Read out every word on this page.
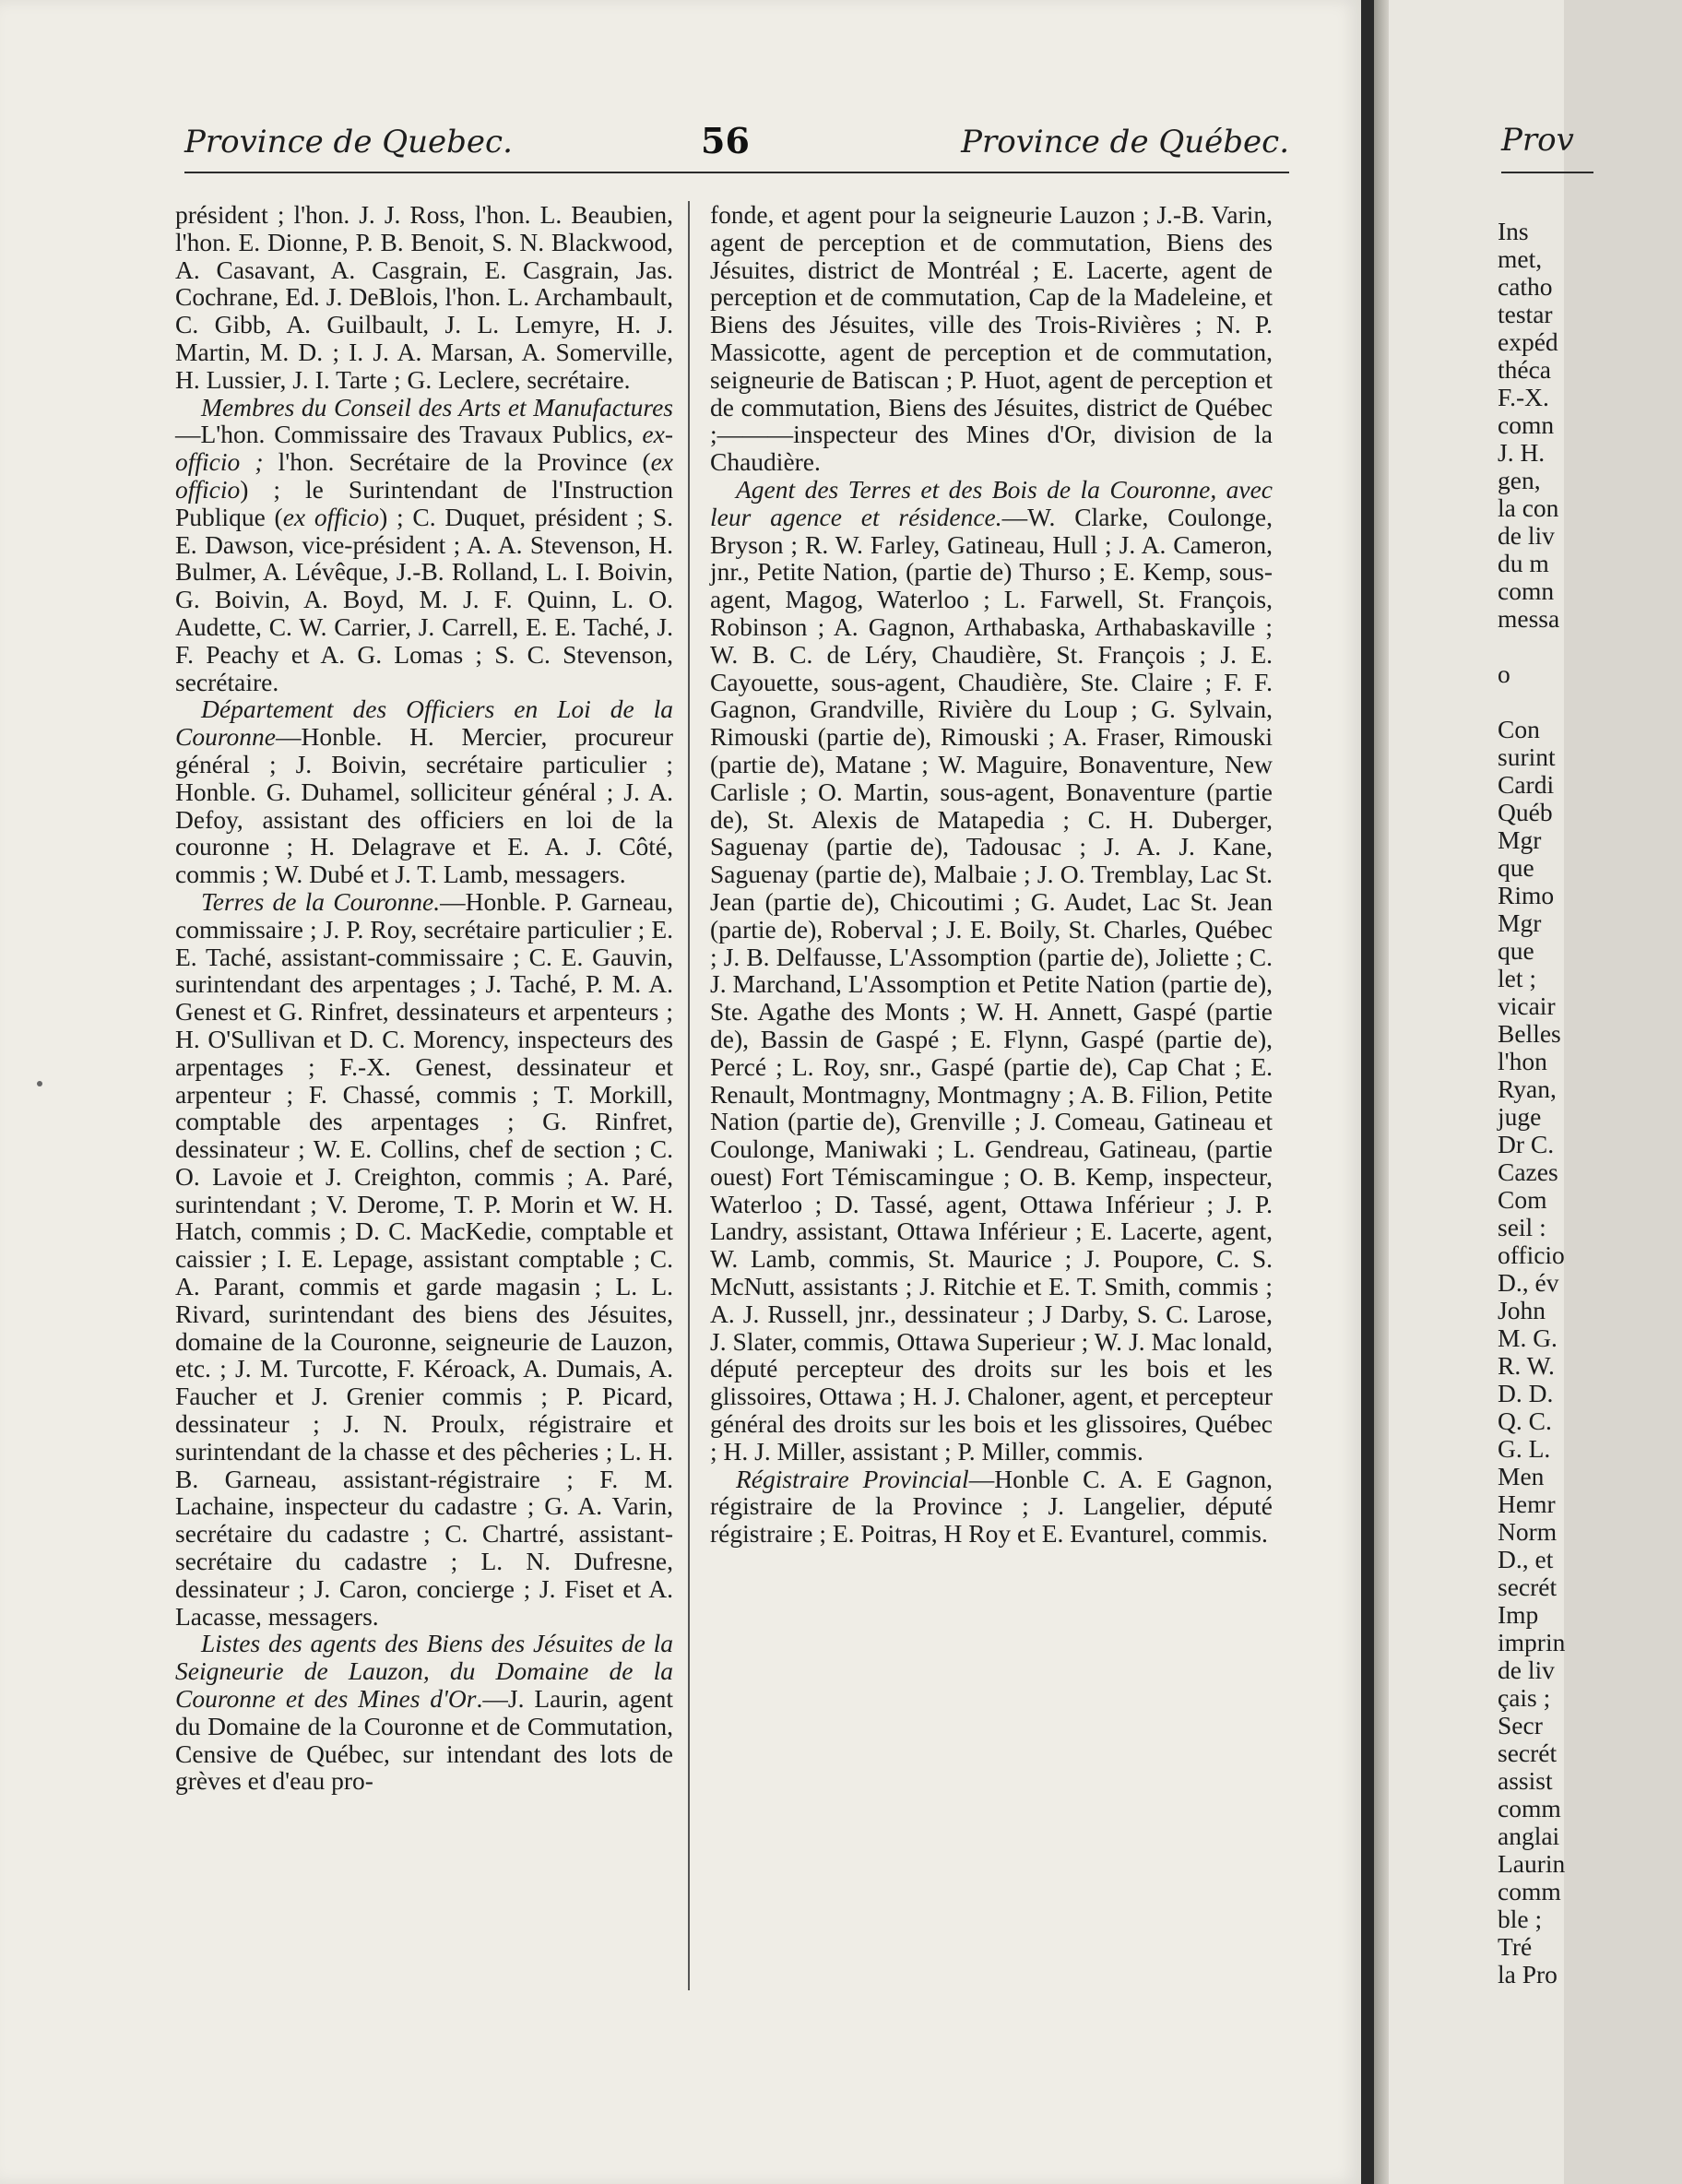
Province de Quebec.	56	Province de Québec.

président ; l'hon. J. J. Ross, l'hon. L. Beaubien, l'hon. E. Dionne, P. B. Benoit, S. N. Blackwood, A. Casavant, A. Casgrain, E. Casgrain, Jas. Cochrane, Ed. J. DeBlois, l'hon. L. Archambault, C. Gibb, A. Guilbault, J. L. Lemyre, H. J. Martin, M. D. ; I. J. A. Marsan, A. Somerville, H. Lussier, J. I. Tarte ; G. Leclere, secrétaire.

Membres du Conseil des Arts et Manufactures—L'hon. Commissaire des Travaux Publics, ex-officio ; l'hon. Secrétaire de la Province (ex officio) ; le Surintendant de l'Instruction Publique (ex officio) ; C. Duquet, président ; S. E. Dawson, vice-président ; A. A. Stevenson, H. Bulmer, A. Lévêque, J.-B. Rolland, L. I. Boivin, G. Boivin, A. Boyd, M. J. F. Quinn, L. O. Audette, C. W. Carrier, J. Carrell, E. E. Taché, J. F. Peachy et A. G. Lomas ; S. C. Stevenson, secrétaire.

Département des Officiers en Loi de la Couronne—Honble. H. Mercier, procureur général ; J. Boivin, secrétaire particulier ; Honble. G. Duhamel, solliciteur général ; J. A. Defoy, assistant des officiers en loi de la couronne ; H. Delagrave et E. A. J. Côté, commis ; W. Dubé et J. T. Lamb, messagers.

Terres de la Couronne.—Honble. P. Garneau, commissaire ; J. P. Roy, secrétaire particulier ; E. E. Taché, assistant-commissaire ; C. E. Gauvin, surintendant des arpentages ; J. Taché, P. M. A. Genest et G. Rinfret, dessinateurs et arpenteurs ; H. O'Sullivan et D. C. Morency, inspecteurs des arpentages ; F.-X. Genest, dessinateur et arpenteur ; F. Chassé, commis ; T. Morkill, comptable des arpentages ; G. Rinfret, dessinateur ; W. E. Collins, chef de section ; C. O. Lavoie et J. Creighton, commis ; A. Paré, surintendant ; V. Derome, T. P. Morin et W. H. Hatch, commis ; D. C. MacKedie, comptable et caissier ; I. E. Lepage, assistant comptable ; C. A. Parant, commis et garde magasin ; L. L. Rivard, surintendant des biens des Jésuites, domaine de la Couronne, seigneurie de Lauzon, etc. ; J. M. Turcotte, F. Kéroack, A. Dumais, A. Faucher et J. Grenier commis ; P. Picard, dessinateur ; J. N. Proulx, régistraire et surintendant de la chasse et des pêcheries ; L. H. B. Garneau, assistant-régistraire ; F. M. Lachaine, inspecteur du cadastre ; G. A. Varin, secrétaire du cadastre ; C. Chartré, assistant-secrétaire du cadastre ; L. N. Dufresne, dessinateur ; J. Caron, concierge ; J. Fiset et A. Lacasse, messagers.

Listes des agents des Biens des Jésuites de la Seigneurie de Lauzon, du Domaine de la Couronne et des Mines d'Or.—J. Laurin, agent du Domaine de la Couronne et de Commutation, Censive de Québec, sur intendant des lots de grèves et d'eau pro-

fonde, et agent pour la seigneurie Lauzon ; J.-B. Varin, agent de perception et de commutation, Biens des Jésuites, district de Montréal ; E. Lacerte, agent de perception et de commutation, Cap de la Madeleine, et Biens des Jésuites, ville des Trois-Rivières ; N. P. Massicotte, agent de perception et de commutation, seigneurie de Batiscan ; P. Huot, agent de perception et de commutation, Biens des Jésuites, district de Québec ;———inspecteur des Mines d'Or, division de la Chaudière.

Agent des Terres et des Bois de la Couronne, avec leur agence et résidence.—W. Clarke, Coulonge, Bryson ; R. W. Farley, Gatineau, Hull ; J. A. Cameron, jnr., Petite Nation, (partie de) Thurso ; E. Kemp, sous-agent, Magog, Waterloo ; L. Farwell, St. François, Robinson ; A. Gagnon, Arthabaska, Arthabaskaville ; W. B. C. de Léry, Chaudière, St. François ; J. E. Cayouette, sous-agent, Chaudière, Ste. Claire ; F. F. Gagnon, Grandville, Rivière du Loup ; G. Sylvain, Rimouski (partie de), Rimouski ; A. Fraser, Rimouski (partie de), Matane ; W. Maguire, Bonaventure, New Carlisle ; O. Martin, sous-agent, Bonaventure (partie de), St. Alexis de Matapedia ; C. H. Duberger, Saguenay (partie de), Tadousac ; J. A. J. Kane, Saguenay (partie de), Malbaie ; J. O. Tremblay, Lac St. Jean (partie de), Chicoutimi ; G. Audet, Lac St. Jean (partie de), Roberval ; J. E. Boily, St. Charles, Québec ; J. B. Delfausse, L'Assomption (partie de), Joliette ; C. J. Marchand, L'Assomption et Petite Nation (partie de), Ste. Agathe des Monts ; W. H. Annett, Gaspé (partie de), Bassin de Gaspé ; E. Flynn, Gaspé (partie de), Percé ; L. Roy, snr., Gaspé (partie de), Cap Chat ; E. Renault, Montmagny, Montmagny ; A. B. Filion, Petite Nation (partie de), Grenville ; J. Comeau, Gatineau et Coulonge, Maniwaki ; L. Gendreau, Gatineau, (partie ouest) Fort Témiscamingue ; O. B. Kemp, inspecteur, Waterloo ; D. Tassé, agent, Ottawa Inférieur ; J. P. Landry, assistant, Ottawa Inférieur ; E. Lacerte, agent, W. Lamb, commis, St. Maurice ; J. Poupore, C. S. McNutt, assistants ; J. Ritchie et E. T. Smith, commis ; A. J. Russell, jnr., dessinateur ; J Darby, S. C. Larose, J. Slater, commis, Ottawa Superieur ; W. J. Mac lonald, député percepteur des droits sur les bois et les glissoires, Ottawa ; H. J. Chaloner, agent, et percepteur général des droits sur les bois et les glissoires, Québec ; H. J. Miller, assistant ; P. Miller, commis.

Régistraire Provincial—Honble C. A. E Gagnon, régistraire de la Province ; J. Langelier, député régistraire ; E. Poitras, H Roy et E. Evanturel, commis.

Prov
Ins
met,
catho
testar
expéd
théca
F.-X.
comn
J. H.
gen,
la con
de liv
du m
comn
messa

o

Con
surint
Cardi
Québ
Mgr
que
Rimo
Mgr
que
let ;
vicair
Belles
l'hon
Ryan,
juge
Dr C.
Cazes
Com
seil :
officio
D., év
John
M. G.
R. W.
D. D.
Q. C.
G. L.
Men
Hemr
Norm
D., et
secrét
Imp
imprin
de liv
çais ;
Secr
secrét
assist
comm
anglai
Laurin
comm
ble ;
Tré
la Pro
